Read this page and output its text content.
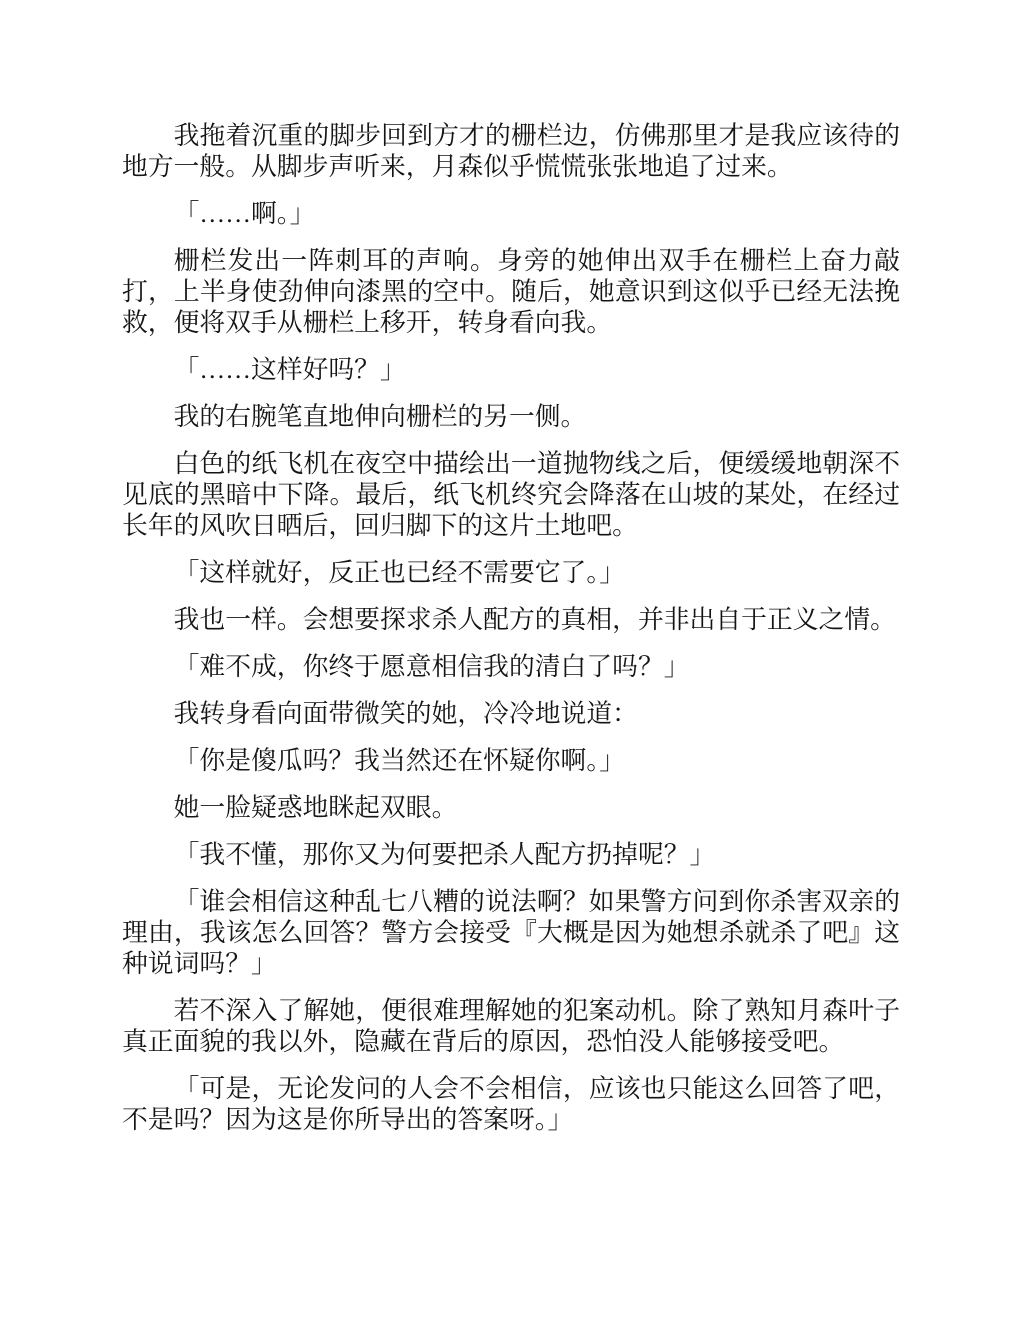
我拖着沉重的脚步回到方才的栅栏边，仿佛那里才是我应该待的地方一般。从脚步声听来，月森似乎慌慌张张地追了过来。

「……啊。」

栅栏发出一阵刺耳的声响。身旁的她伸出双手在栅栏上奋力敲打，上半身使劲伸向漆黑的空中。随后，她意识到这似乎已经无法挽救，便将双手从栅栏上移开，转身看向我。

「……这样好吗？」

我的右腕笔直地伸向栅栏的另一侧。

白色的纸飞机在夜空中描绘出一道抛物线之后，便缓缓地朝深不见底的黑暗中下降。最后，纸飞机终究会降落在山坡的某处，在经过长年的风吹日晒后，回归脚下的这片土地吧。

「这样就好，反正也已经不需要它了。」

我也一样。会想要探求杀人配方的真相，并非出自于正义之情。

「难不成，你终于愿意相信我的清白了吗？」

我转身看向面带微笑的她，冷冷地说道：

「你是傻瓜吗？我当然还在怀疑你啊。」

她一脸疑惑地眯起双眼。

「我不懂，那你又为何要把杀人配方扔掉呢？」

「谁会相信这种乱七八糟的说法啊？如果警方问到你杀害双亲的理由，我该怎么回答？警方会接受『大概是因为她想杀就杀了吧』这种说词吗？」

若不深入了解她，便很难理解她的犯案动机。除了熟知月森叶子真正面貌的我以外，隐藏在背后的原因，恐怕没人能够接受吧。

「可是，无论发问的人会不会相信，应该也只能这么回答了吧，不是吗？因为这是你所导出的答案呀。」
